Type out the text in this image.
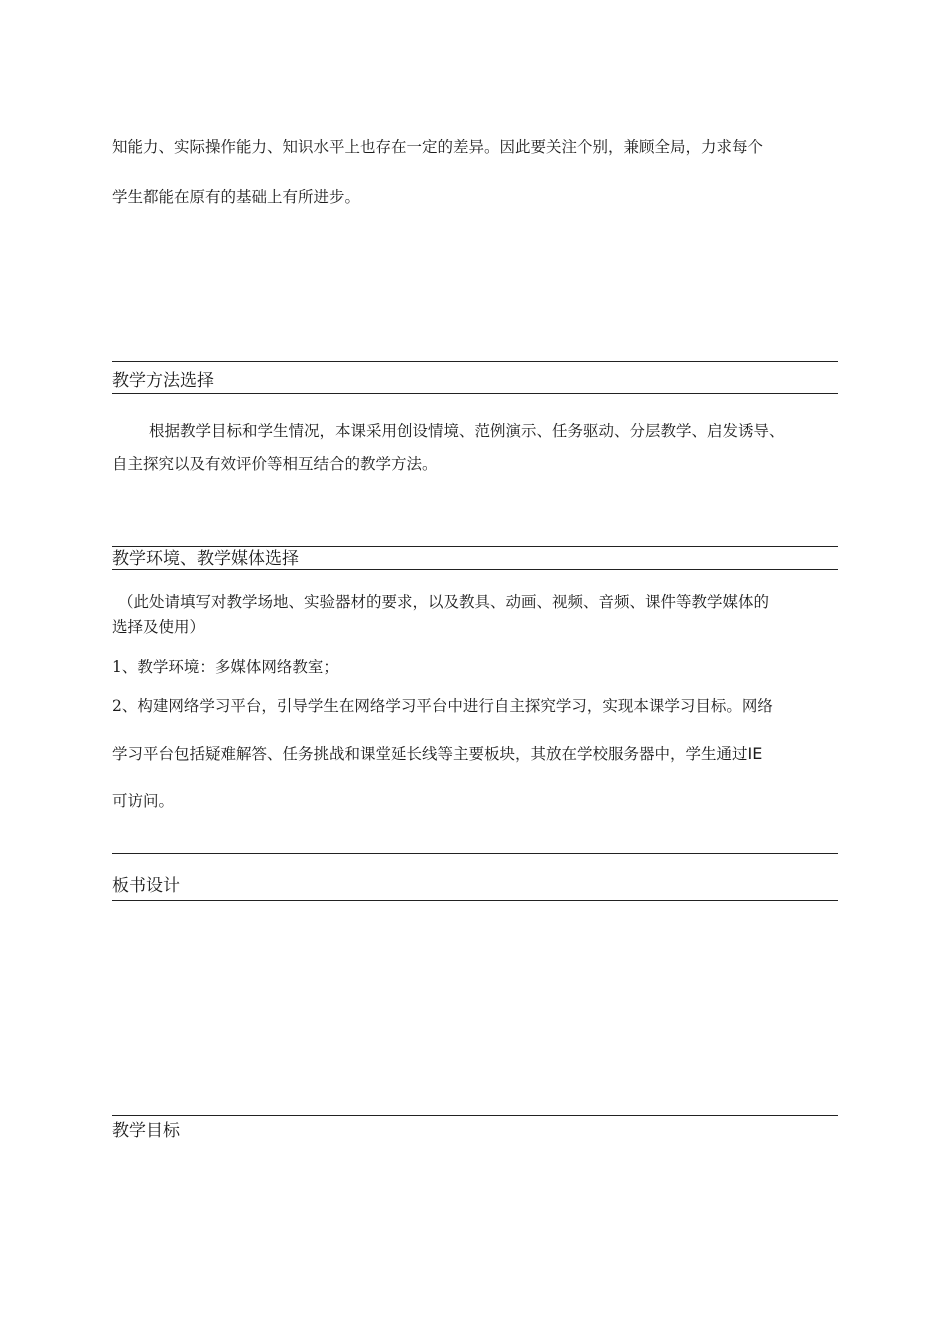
知能力、实际操作能力、知识水平上也存在一定的差异。因此要关注个别，兼顾全局，力求每个
学生都能在原有的基础上有所进步。
教学方法选择
根据教学目标和学生情况，本课采用创设情境、范例演示、任务驱动、分层教学、启发诱导、
自主探究以及有效评价等相互结合的教学方法。
教学环境、教学媒体选择
（此处请填写对教学场地、实验器材的要求，以及教具、动画、视频、音频、课件等教学媒体的
选择及使用）
1、教学环境：多媒体网络教室；
2、构建网络学习平台，引导学生在网络学习平台中进行自主探究学习，实现本课学习目标。网络
学习平台包括疑难解答、任务挑战和课堂延长线等主要板块，其放在学校服务器中，学生通过IE
可访问。
板书设计
教学目标
